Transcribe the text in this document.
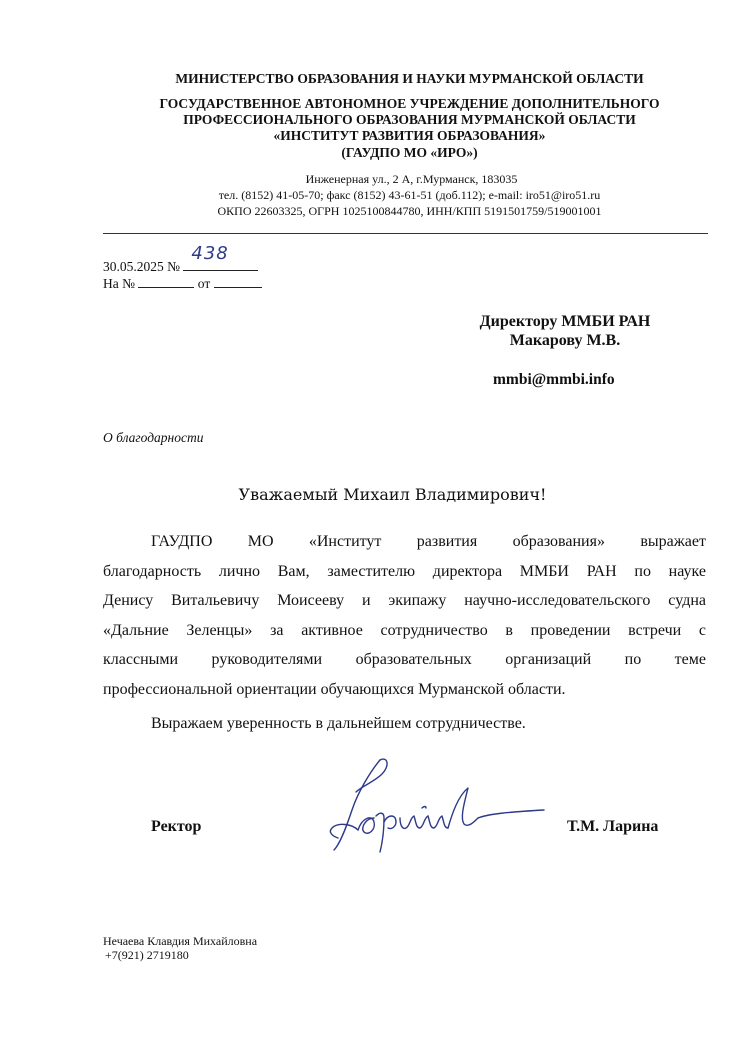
МИНИСТЕРСТВО ОБРАЗОВАНИЯ И НАУКИ МУРМАНСКОЙ ОБЛАСТИ
ГОСУДАРСТВЕННОЕ АВТОНОМНОЕ УЧРЕЖДЕНИЕ ДОПОЛНИТЕЛЬНОГО
ПРОФЕССИОНАЛЬНОГО ОБРАЗОВАНИЯ МУРМАНСКОЙ ОБЛАСТИ
«ИНСТИТУТ РАЗВИТИЯ ОБРАЗОВАНИЯ»
(ГАУДПО МО «ИРО»)
Инженерная ул., 2 А, г.Мурманск, 183035
тел. (8152) 41-05-70; факс (8152) 43-61-51 (доб.112); e-mail: iro51@iro51.ru
ОКПО 22603325, ОГРН 1025100844780, ИНН/КПП 5191501759/519001001
30.05.2025 №
438
На №	от
Директору ММБИ РАН
Макарову М.В.
mmbi@mmbi.info
О благодарности
Уважаемый Михаил Владимирович!
ГАУДПО МО «Институт развития образования» выражает
благодарность лично Вам, заместителю директора ММБИ РАН по науке
Денису Витальевичу Моисееву и экипажу научно-исследовательского судна
«Дальние Зеленцы» за активное сотрудничество в проведении встречи с
классными руководителями образовательных организаций по теме
профессиональной ориентации обучающихся Мурманской области.
Выражаем уверенность в дальнейшем сотрудничестве.
Ректор	Т.М. Ларина
Нечаева Клавдия Михайловна
+7(921) 2719180
